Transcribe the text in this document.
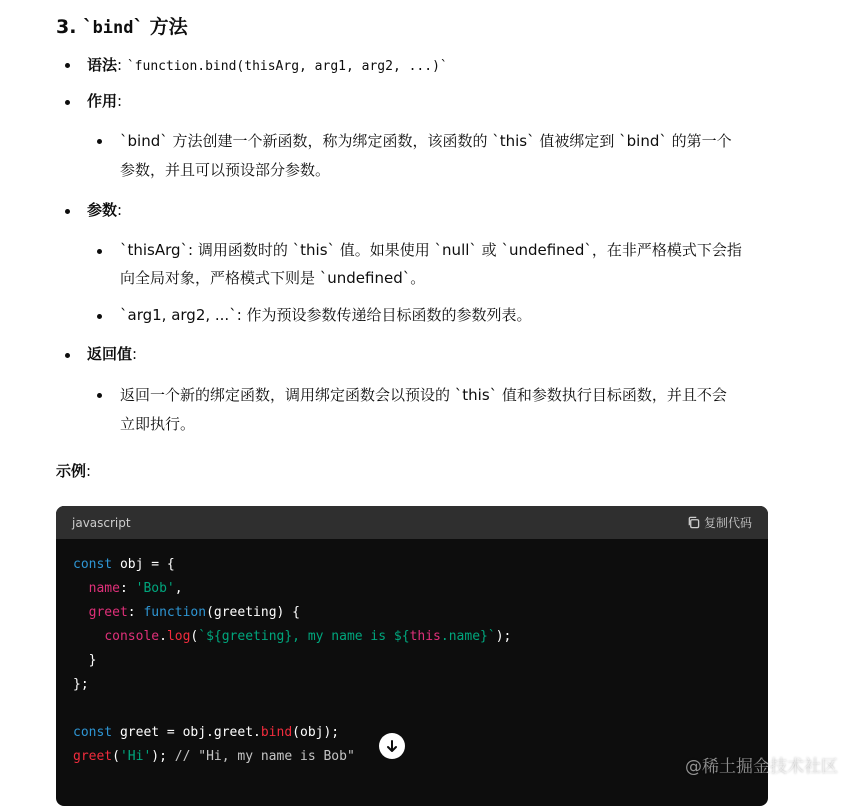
3. `bind` 方法
语法: `function.bind(thisArg, arg1, arg2, ...)`
作用:
`bind` 方法创建一个新函数，称为绑定函数，该函数的 `this` 值被绑定到 `bind` 的第一个
参数，并且可以预设部分参数。
参数:
`thisArg`: 调用函数时的 `this` 值。如果使用 `null` 或 `undefined`，在非严格模式下会指
向全局对象，严格模式下则是 `undefined`。
`arg1, arg2, ...`: 作为预设参数传递给目标函数的参数列表。
返回值:
返回一个新的绑定函数，调用绑定函数会以预设的 `this` 值和参数执行目标函数，并且不会
立即执行。
示例:
javascript	复制代码
const obj = {
name: 'Bob',
greet: function(greeting) {
console.log(`${greeting}, my name is ${this.name}`);
}
};

const greet = obj.greet.bind(obj);
greet('Hi'); // "Hi, my name is Bob"
@稀土掘金技术社区
